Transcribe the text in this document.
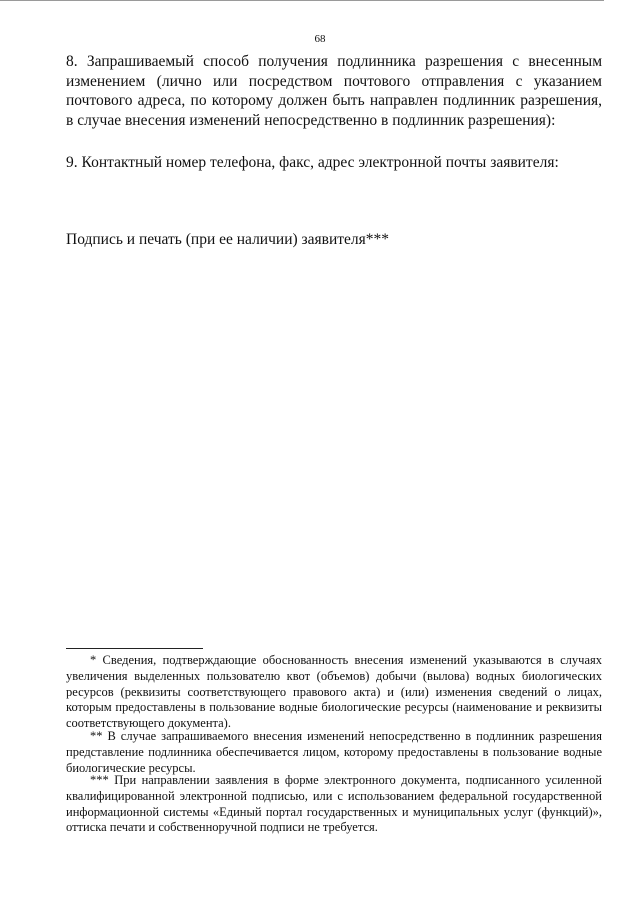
68
8. Запрашиваемый способ получения подлинника разрешения с внесенным изменением (лично или посредством почтового отправления с указанием почтового адреса, по которому должен быть направлен подлинник разрешения, в случае внесения изменений непосредственно в подлинник разрешения):
9. Контактный номер телефона, факс, адрес электронной почты заявителя:
Подпись и печать (при ее наличии) заявителя***
* Сведения, подтверждающие обоснованность внесения изменений указываются в случаях увеличения выделенных пользователю квот (объемов) добычи (вылова) водных биологических ресурсов (реквизиты соответствующего правового акта) и (или) изменения сведений о лицах, которым предоставлены в пользование водные биологические ресурсы (наименование и реквизиты соответствующего документа).
** В случае запрашиваемого внесения изменений непосредственно в подлинник разрешения представление подлинника обеспечивается лицом, которому предоставлены в пользование водные биологические ресурсы.
*** При направлении заявления в форме электронного документа, подписанного усиленной квалифицированной электронной подписью, или с использованием федеральной государственной информационной системы «Единый портал государственных и муниципальных услуг (функций)», оттиска печати и собственноручной подписи не требуется.
